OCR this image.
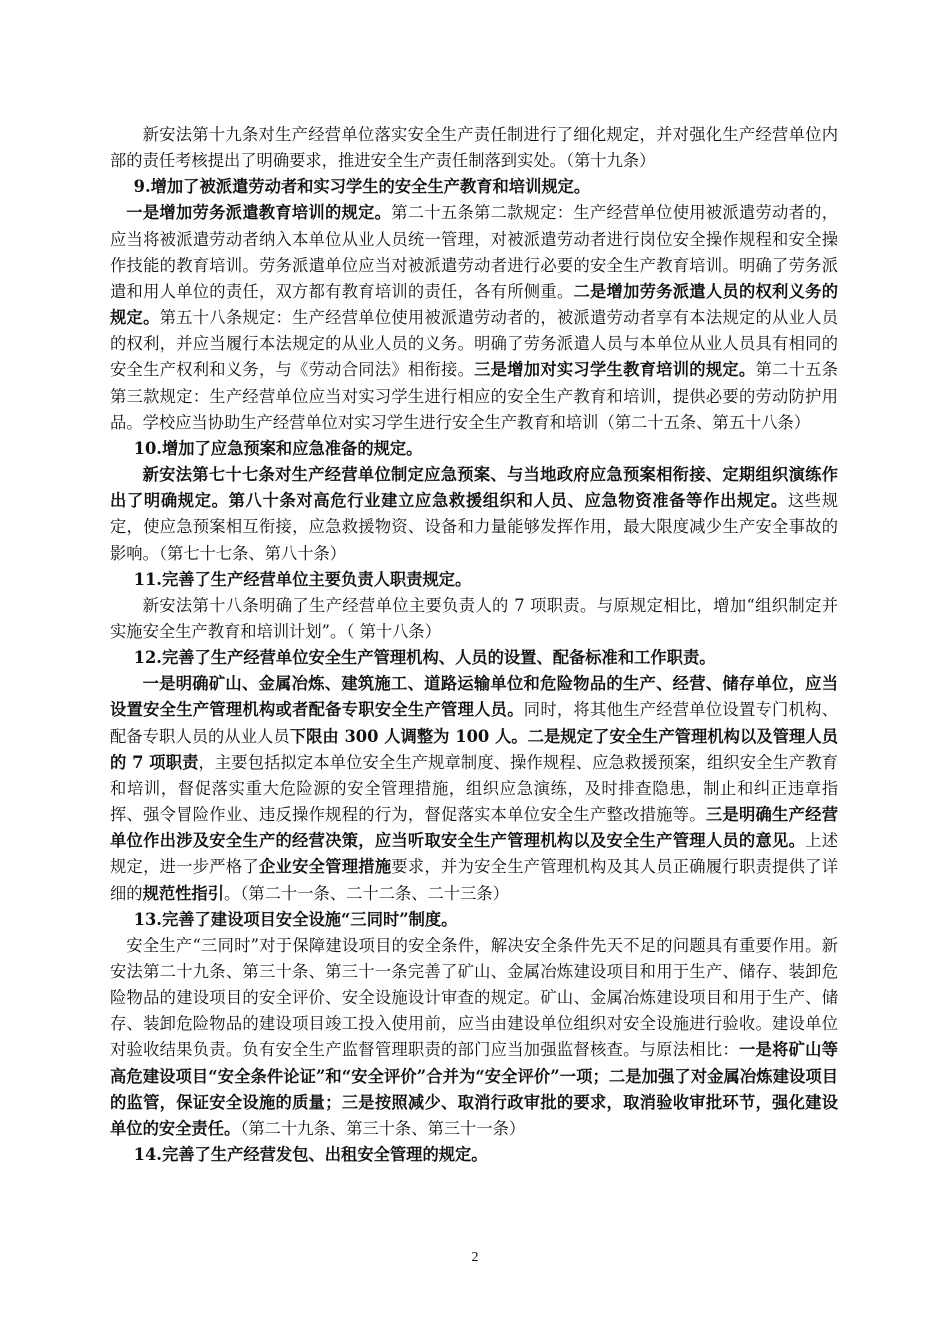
新安法第十九条对生产经营单位落实安全生产责任制进行了细化规定，并对强化生产经营单位内部的责任考核提出了明确要求，推进安全生产责任制落到实处。（第十九条）

9.增加了被派遣劳动者和实习学生的安全生产教育和培训规定。

一是增加劳务派遣教育培训的规定。第二十五条第二款规定：生产经营单位使用被派遣劳动者的，应当将被派遣劳动者纳入本单位从业人员统一管理，对被派遣劳动者进行岗位安全操作规程和安全操作技能的教育培训。劳务派遣单位应当对被派遣劳动者进行必要的安全生产教育培训。明确了劳务派遣和用人单位的责任，双方都有教育培训的责任，各有所侧重。二是增加劳务派遣人员的权利义务的规定。第五十八条规定：生产经营单位使用被派遣劳动者的，被派遣劳动者享有本法规定的从业人员的权利，并应当履行本法规定的从业人员的义务。明确了劳务派遣人员与本单位从业人员具有相同的安全生产权利和义务，与《劳动合同法》相衔接。三是增加对实习学生教育培训的规定。第二十五条第三款规定：生产经营单位应当对实习学生进行相应的安全生产教育和培训，提供必要的劳动防护用品。学校应当协助生产经营单位对实习学生进行安全生产教育和培训（第二十五条、第五十八条）

10.增加了应急预案和应急准备的规定。

新安法第七十七条对生产经营单位制定应急预案、与当地政府应急预案相衔接、定期组织演练作出了明确规定。第八十条对高危行业建立应急救援组织和人员、应急物资准备等作出规定。这些规定，使应急预案相互衔接，应急救援物资、设备和力量能够发挥作用，最大限度减少生产安全事故的影响。（第七十七条、第八十条）

11.完善了生产经营单位主要负责人职责规定。

新安法第十八条明确了生产经营单位主要负责人的 7 项职责。与原规定相比，增加“组织制定并实施安全生产教育和培训计划”。（ 第十八条）

12.完善了生产经营单位安全生产管理机构、人员的设置、配备标准和工作职责。

一是明确矿山、金属冶炼、建筑施工、道路运输单位和危险物品的生产、经营、储存单位，应当设置安全生产管理机构或者配备专职安全生产管理人员。同时，将其他生产经营单位设置专门机构、配备专职人员的从业人员下限由 300 人调整为 100 人。二是规定了安全生产管理机构以及管理人员的 7 项职责，主要包括拟定本单位安全生产规章制度、操作规程、应急救援预案，组织安全生产教育和培训，督促落实重大危险源的安全管理措施，组织应急演练，及时排查隐患，制止和纠正违章指挥、强令冒险作业、违反操作规程的行为，督促落实本单位安全生产整改措施等。三是明确生产经营单位作出涉及安全生产的经营决策，应当听取安全生产管理机构以及安全生产管理人员的意见。上述规定，进一步严格了企业安全管理措施要求，并为安全生产管理机构及其人员正确履行职责提供了详细的规范性指引。（第二十一条、二十二条、二十三条）

13.完善了建设项目安全设施“三同时”制度。

安全生产“三同时”对于保障建设项目的安全条件，解决安全条件先天不足的问题具有重要作用。新安法第二十九条、第三十条、第三十一条完善了矿山、金属冶炼建设项目和用于生产、储存、装卸危险物品的建设项目的安全评价、安全设施设计审查的规定。矿山、金属冶炼建设项目和用于生产、储存、装卸危险物品的建设项目竣工投入使用前，应当由建设单位组织对安全设施进行验收。建设单位对验收结果负责。负有安全生产监督管理职责的部门应当加强监督核查。与原法相比：一是将矿山等高危建设项目“安全条件论证”和“安全评价”合并为“安全评价”一项；二是加强了对金属冶炼建设项目的监管，保证安全设施的质量；三是按照减少、取消行政审批的要求，取消验收审批环节，强化建设单位的安全责任。（第二十九条、第三十条、第三十一条）

14.完善了生产经营发包、出租安全管理的规定。

2
